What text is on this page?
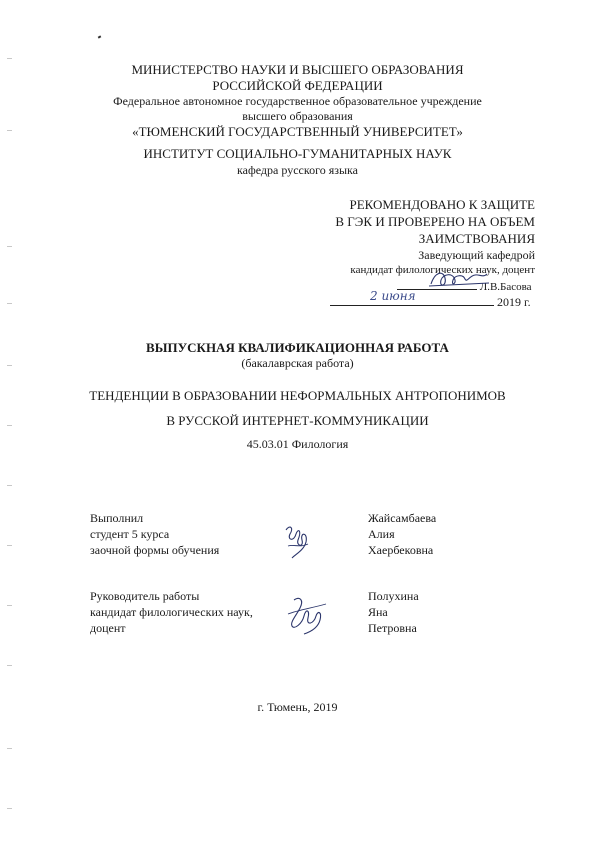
МИНИСТЕРСТВО НАУКИ И ВЫСШЕГО ОБРАЗОВАНИЯ
РОССИЙСКОЙ ФЕДЕРАЦИИ
Федеральное автономное государственное образовательное учреждение
высшего образования
«ТЮМЕНСКИЙ ГОСУДАРСТВЕННЫЙ УНИВЕРСИТЕТ»
ИНСТИТУТ СОЦИАЛЬНО-ГУМАНИТАРНЫХ НАУК
кафедра русского языка
РЕКОМЕНДОВАНО К ЗАЩИТЕ
В ГЭК И ПРОВЕРЕНО НА ОБЪЕМ
ЗАИМСТВОВАНИЯ
Заведующий кафедрой
кандидат филологических наук, доцент
Л.В.Басова
2 июня	2019 г.
ВЫПУСКНАЯ КВАЛИФИКАЦИОННАЯ РАБОТА
(бакалаврская работа)
ТЕНДЕНЦИИ В ОБРАЗОВАНИИ НЕФОРМАЛЬНЫХ АНТРОПОНИМОВ
В РУССКОЙ ИНТЕРНЕТ-КОММУНИКАЦИИ
45.03.01 Филология
Выполнил
студент 5 курса
заочной формы обучения
Жайсамбаева
Алия
Хаербековна
Руководитель работы
кандидат филологических наук,
доцент
Полухина
Яна
Петровна
г. Тюмень, 2019
